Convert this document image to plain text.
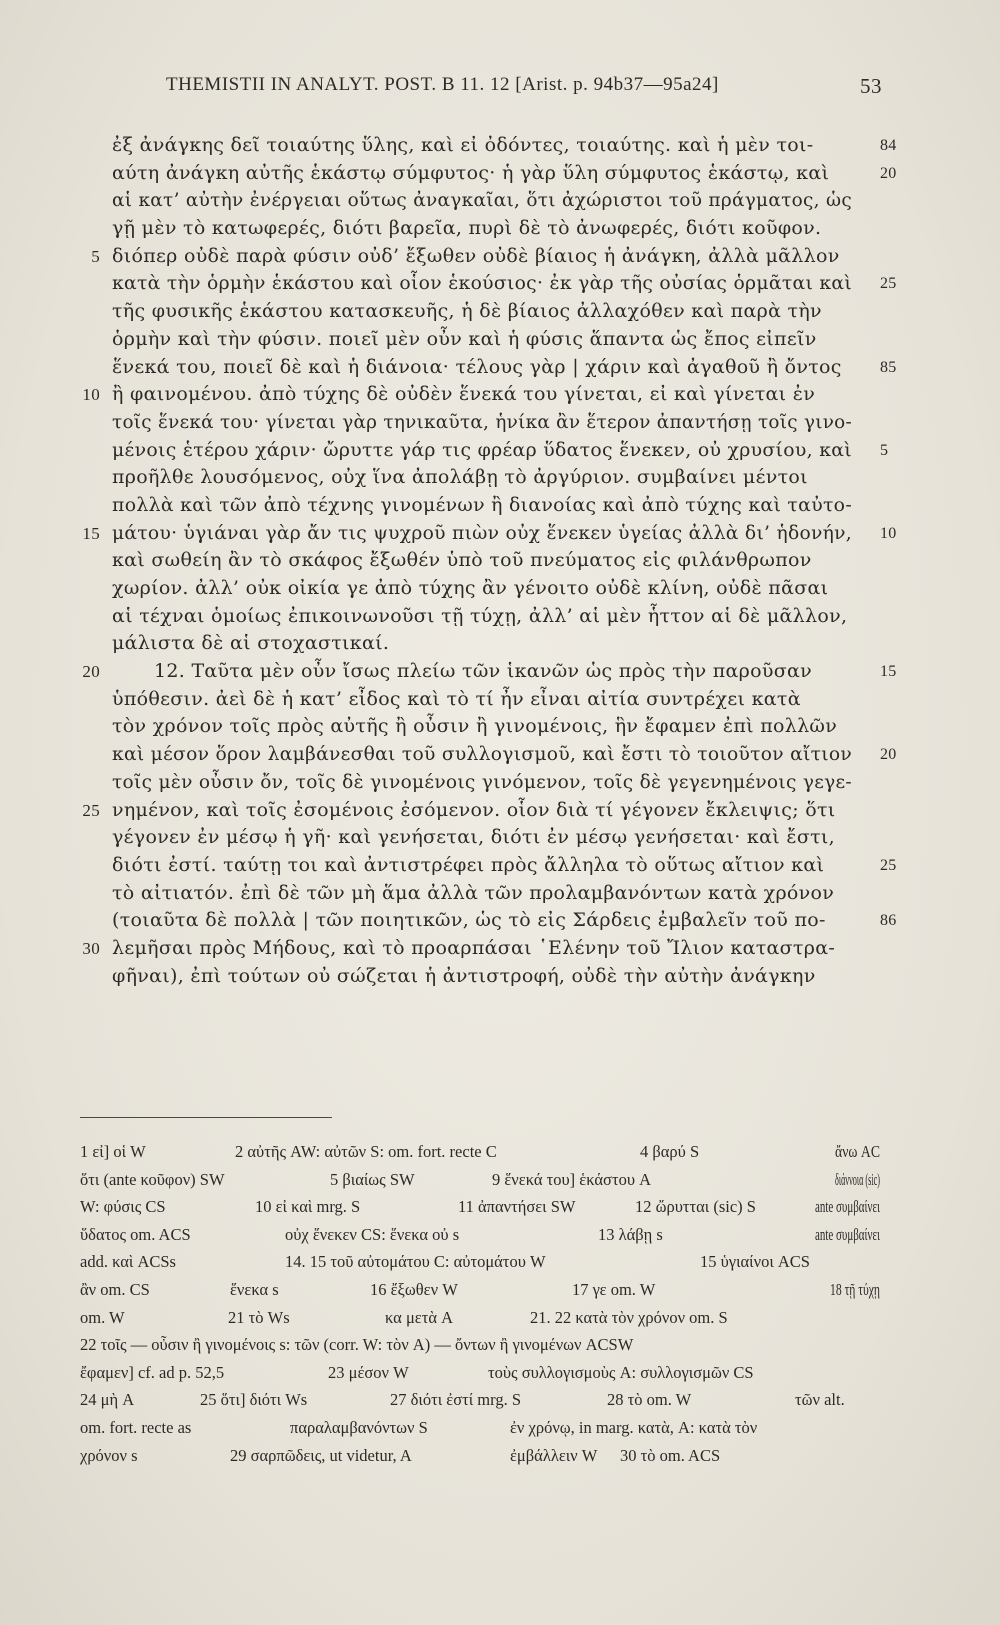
THEMISTII IN ANALYT. POST. B 11. 12 [Arist. p. 94b37—95a24]	53
ἐξ ἀνάγκης δεῖ τοιαύτης ὕλης, καὶ εἰ ὀδόντες, τοιαύτης. καὶ ἡ μὲν τοι-	84
αύτη ἀνάγκη αὐτῆς ἑκάστῳ σύμφυτος· ἡ γὰρ ὕλη σύμφυτος ἑκάστῳ, καὶ	20
αἱ κατ’ αὐτὴν ἐνέργειαι οὕτως ἀναγκαῖαι, ὅτι ἀχώριστοι τοῦ πράγματος, ὡς
γῇ μὲν τὸ κατωφερές, διότι βαρεῖα, πυρὶ δὲ τὸ ἀνωφερές, διότι κοῦφον.
5 διόπερ οὐδὲ παρὰ φύσιν οὐδ’ ἔξωθεν οὐδὲ βίαιος ἡ ἀνάγκη, ἀλλὰ μᾶλλον
κατὰ τὴν ὁρμὴν ἑκάστου καὶ οἷον ἑκούσιος· ἐκ γὰρ τῆς οὐσίας ὁρμᾶται καὶ 25
τῆς φυσικῆς ἑκάστου κατασκευῆς, ἡ δὲ βίαιος ἀλλαχόθεν καὶ παρὰ τὴν
ὁρμὴν καὶ τὴν φύσιν. ποιεῖ μὲν οὖν καὶ ἡ φύσις ἅπαντα ὡς ἔπος εἰπεῖν
ἕνεκά του, ποιεῖ δὲ καὶ ἡ διάνοια· τέλους γὰρ | χάριν καὶ ἀγαθοῦ ἢ ὄντος 85
10 ἢ φαινομένου. ἀπὸ τύχης δὲ οὐδὲν ἕνεκά του γίνεται, εἰ καὶ γίνεται ἐν
τοῖς ἕνεκά του· γίνεται γὰρ τηνικαῦτα, ἡνίκα ἂν ἕτερον ἀπαντήσῃ τοῖς γινο-
μένοις ἑτέρου χάριν· ὤρυττε γάρ τις φρέαρ ὕδατος ἕνεκεν, οὐ χρυσίου, καὶ 5
προῆλθε λουσόμενος, οὐχ ἵνα ἀπολάβῃ τὸ ἀργύριον. συμβαίνει μέντοι
πολλὰ καὶ τῶν ἀπὸ τέχνης γινομένων ἢ διανοίας καὶ ἀπὸ τύχης καὶ ταὐτο-
15 μάτου· ὑγιάναι γὰρ ἄν τις ψυχροῦ πιὼν οὐχ ἕνεκεν ὑγείας ἀλλὰ δι’ ἡδονήν, 10
καὶ σωθείη ἂν τὸ σκάφος ἔξωθέν ὑπὸ τοῦ πνεύματος εἰς φιλάνθρωπον
χωρίον. ἀλλ’ οὐκ οἰκία γε ἀπὸ τύχης ἂν γένοιτο οὐδὲ κλίνη, οὐδὲ πᾶσαι
αἱ τέχναι ὁμοίως ἐπικοινωνοῦσι τῇ τύχῃ, ἀλλ’ αἱ μὲν ἧττον αἱ δὲ μᾶλλον,
μάλιστα δὲ αἱ στοχαστικαί.
20	12. Ταῦτα μὲν οὖν ἴσως πλείω τῶν ἱκανῶν ὡς πρὸς τὴν παροῦσαν	15
ὑπόθεσιν. ἀεὶ δὲ ἡ κατ’ εἶδος καὶ τὸ τί ἦν εἶναι αἰτία συντρέχει κατὰ
τὸν χρόνον τοῖς πρὸς αὐτῆς ἢ οὖσιν ἢ γινομένοις, ἣν ἔφαμεν ἐπὶ πολλῶν
καὶ μέσον ὅρον λαμβάνεσθαι τοῦ συλλογισμοῦ, καὶ ἔστι τὸ τοιοῦτον αἴτιον 20
τοῖς μὲν οὖσιν ὄν, τοῖς δὲ γινομένοις γινόμενον, τοῖς δὲ γεγενημένοις γεγε-
25 νημένον, καὶ τοῖς ἐσομένοις ἐσόμενον. οἷον διὰ τί γέγονεν ἔκλειψις; ὅτι
γέγονεν ἐν μέσῳ ἡ γῆ· καὶ γενήσεται, διότι ἐν μέσῳ γενήσεται· καὶ ἔστι,
διότι ἐστί. ταύτῃ τοι καὶ ἀντιστρέφει πρὸς ἄλληλα τὸ οὕτως αἴτιον καὶ	25
τὸ αἰτιατόν. ἐπὶ δὲ τῶν μὴ ἅμα ἀλλὰ τῶν προλαμβανόντων κατὰ χρόνον
(τοιαῦτα δὲ πολλὰ | τῶν ποιητικῶν, ὡς τὸ εἰς Σάρδεις ἐμβαλεῖν τοῦ πο-	86
30 λεμῆσαι πρὸς Μήδους, καὶ τὸ προαρπάσαι ῾Ελένην τοῦ Ἴλιον καταστρα-
φῆναι), ἐπὶ τούτων οὐ σώζεται ἡ ἀντιστροφή, οὐδὲ τὴν αὐτὴν ἀνάγκην
1 εἰ] οἱ W	2 αὐτῆς AW: αὐτῶν S: om. fort. recte C	4 βαρύ S	ἄνω AC
ὅτι (ante κοῦφον) SW	5 βιαίως SW	9 ἕνεκά του] ἑκάστου A	διάννοια (sic)
W: φύσις CS	10 εἰ καὶ mrg. S	11 ἀπαντήσει SW	12 ὤρυτται (sic) S	ante συμβαίνει
ὕδατος om. ACS	οὐχ ἕνεκεν CS: ἕνεκα οὐ s	13 λάβῃ s	ante συμβαίνει
add. καὶ ACSs	14. 15 τοῦ αὐτομάτου C: αὐτομάτου W	15 ὑγιαίνοι ACS
ἂν om. CS	ἕνεκα s	16 ἔξωθεν W	17 γε om. W	18 τῇ τύχῃ
om. W	21 τὸ Ws	κα μετὰ A	21. 22 κατὰ τὸν χρόνον om. S
22 τοῖς — οὖσιν ἢ γινομένοις s: τῶν (corr. W: τὸν A) — ὄντων ἢ γινομένων ACSW
ἔφαμεν] cf. ad p. 52,5	23 μέσον W	τοὺς συλλογισμοὺς A: συλλογισμῶν CS
24 μὴ A	25 ὅτι] διότι Ws	27 διότι ἐστί mrg. S	28 τὸ om. W	τῶν alt.
om. fort. recte as	παραλαμβανόντων S	ἐν χρόνῳ, in marg. κατὰ, A: κατὰ τὸν
χρόνον s	29 σαρπῶδεις, ut videtur, A	ἐμβάλλειν W 30 τὸ om. ACS
